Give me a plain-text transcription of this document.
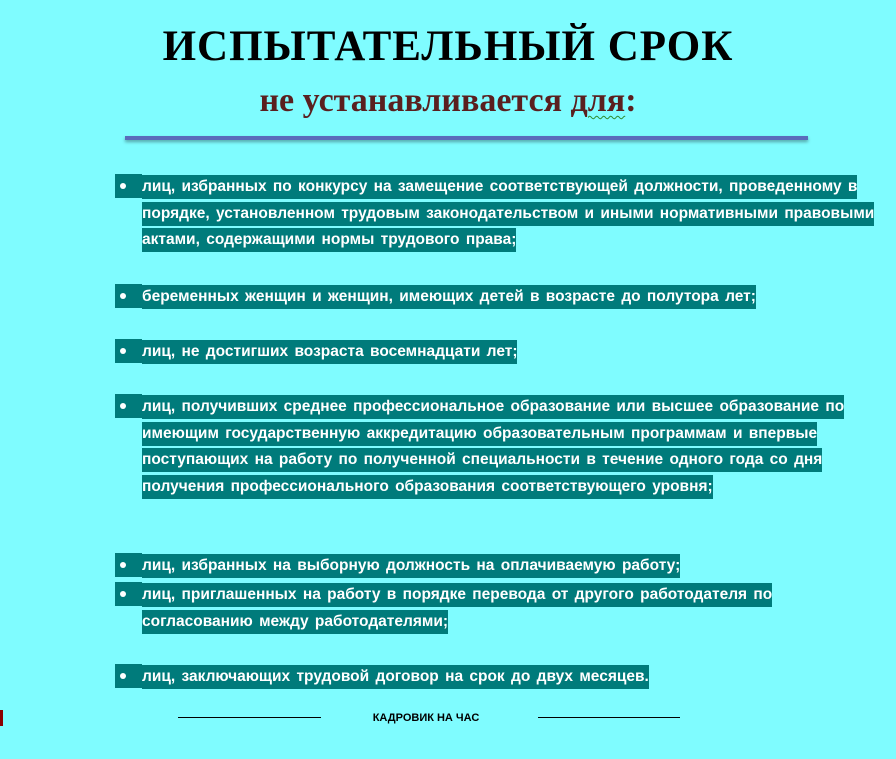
ИСПЫТАТЕЛЬНЫЙ СРОК
не устанавливается для:

лиц, избранных по конкурсу на замещение соответствующей должности, проведенному в порядке, установленном трудовым законодательством и иными нормативными правовыми актами, содержащими нормы трудового права;

беременных женщин и женщин, имеющих детей в возрасте до полутора лет;

лиц, не достигших возраста восемнадцати лет;

лиц, получивших среднее профессиональное образование или высшее образование по имеющим государственную аккредитацию образовательным программам и впервые поступающих на работу по полученной специальности в течение одного года со дня получения профессионального образования соответствующего уровня;

лиц, избранных на выборную должность на оплачиваемую работу;

лиц, приглашенных на работу в порядке перевода от другого работодателя по согласованию между работодателями;

лиц, заключающих трудовой договор на срок до двух месяцев.

КАДРОВИК НА ЧАС
